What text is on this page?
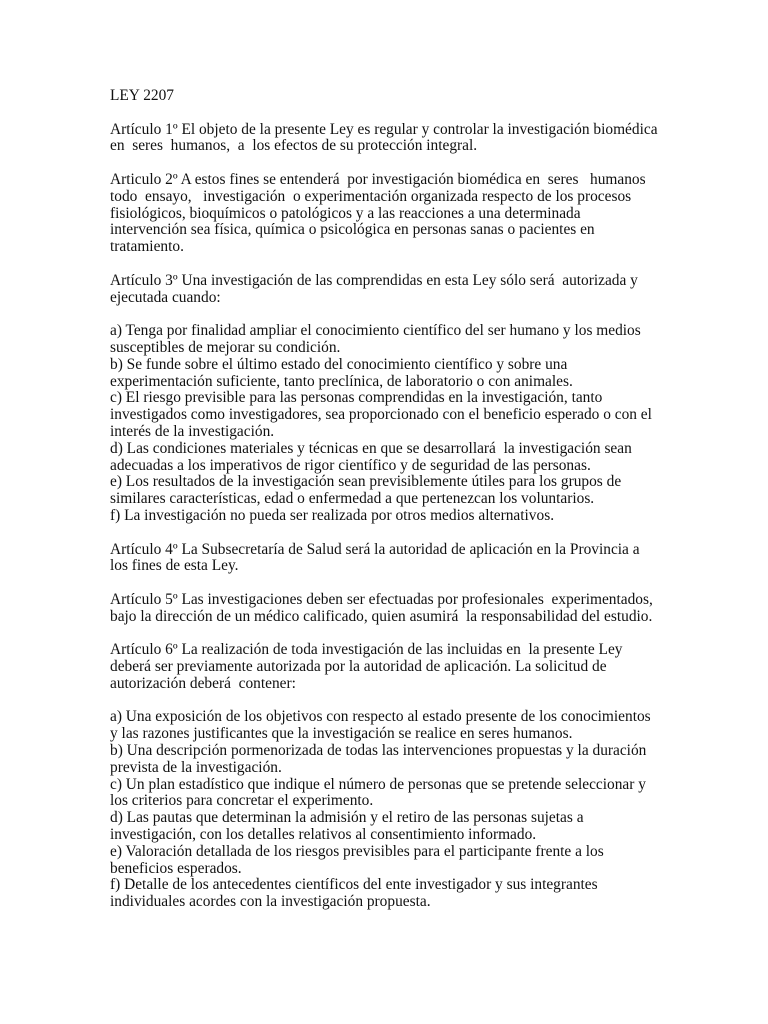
LEY 2207

Artículo 1º El objeto de la presente Ley es regular y controlar la investigación biomédica   en  seres  humanos,  a  los efectos de su protección integral.

Articulo 2º A estos fines se entenderá  por investigación biomédica en  seres   humanos todo  ensayo,   investigación  o experimentación organizada respecto de los procesos fisiológicos, bioquímicos o patológicos y a las reacciones a una determinada intervención sea física, química o psicológica en personas sanas o pacientes en tratamiento.

Artículo 3º Una investigación de las comprendidas en esta Ley sólo será  autorizada y ejecutada cuando:

a) Tenga por finalidad ampliar el conocimiento científico del ser humano y los medios susceptibles de mejorar su condición.

b) Se funde sobre el último estado del conocimiento científico y sobre una experimentación suficiente, tanto preclínica, de laboratorio o con animales.

c) El riesgo previsible para las personas comprendidas en la investigación, tanto investigados como investigadores, sea proporcionado con el beneficio esperado o con el interés de la investigación.

d) Las condiciones materiales y técnicas en que se desarrollará  la investigación sean adecuadas a los imperativos de rigor científico y de seguridad de las personas.

e) Los resultados de la investigación sean previsiblemente útiles para los grupos de similares características, edad o enfermedad a que pertenezcan los voluntarios.

f) La investigación no pueda ser realizada por otros medios alternativos.

Artículo 4º La Subsecretaría de Salud será la autoridad de aplicación en la Provincia a los fines de esta Ley.

Artículo 5º Las investigaciones deben ser efectuadas por profesionales  experimentados, bajo la dirección de un médico calificado, quien asumirá  la responsabilidad del estudio.

Artículo 6º La realización de toda investigación de las incluidas en  la presente Ley deberá ser previamente autorizada por la autoridad de aplicación. La solicitud de autorización deberá  contener:

a) Una exposición de los objetivos con respecto al estado presente de los conocimientos y las razones justificantes que la investigación se realice en seres humanos.

b) Una descripción pormenorizada de todas las intervenciones propuestas y la duración prevista de la investigación.

c) Un plan estadístico que indique el número de personas que se pretende seleccionar y los criterios para concretar el experimento.

d) Las pautas que determinan la admisión y el retiro de las personas sujetas a investigación, con los detalles relativos al consentimiento informado.

e) Valoración detallada de los riesgos previsibles para el participante frente a los beneficios esperados.

f) Detalle de los antecedentes científicos del ente investigador y sus integrantes individuales acordes con la investigación propuesta.
